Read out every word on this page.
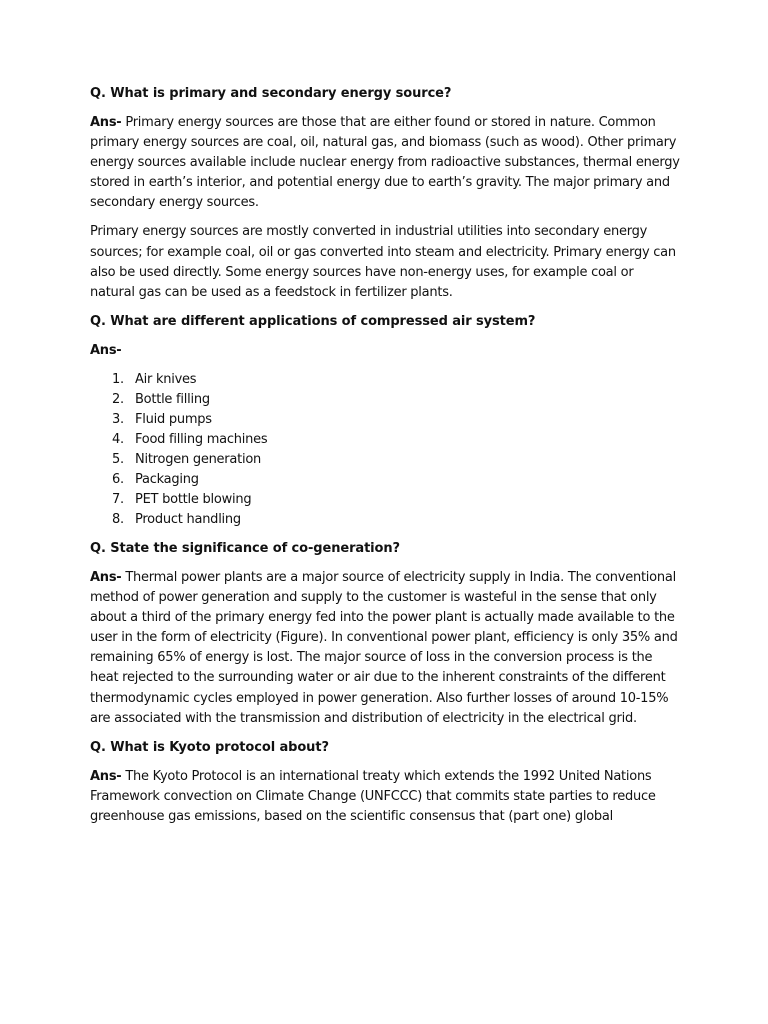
Q. What is primary and secondary energy source?

Ans- Primary energy sources are those that are either found or stored in nature. Common primary energy sources are coal, oil, natural gas, and biomass (such as wood). Other primary energy sources available include nuclear energy from radioactive substances, thermal energy stored in earth’s interior, and potential energy due to earth’s gravity. The major primary and secondary energy sources.

Primary energy sources are mostly converted in industrial utilities into secondary energy sources; for example coal, oil or gas converted into steam and electricity. Primary energy can also be used directly. Some energy sources have non-energy uses, for example coal or natural gas can be used as a feedstock in fertilizer plants.

Q. What are different applications of compressed air system?

Ans-

1. Air knives
2. Bottle filling
3. Fluid pumps
4. Food filling machines
5. Nitrogen generation
6. Packaging
7. PET bottle blowing
8. Product handling

Q. State the significance of co-generation?

Ans- Thermal power plants are a major source of electricity supply in India. The conventional method of power generation and supply to the customer is wasteful in the sense that only about a third of the primary energy fed into the power plant is actually made available to the user in the form of electricity (Figure). In conventional power plant, efficiency is only 35% and remaining 65% of energy is lost. The major source of loss in the conversion process is the heat rejected to the surrounding water or air due to the inherent constraints of the different thermodynamic cycles employed in power generation. Also further losses of around 10-15% are associated with the transmission and distribution of electricity in the electrical grid.

Q. What is Kyoto protocol about?

Ans- The Kyoto Protocol is an international treaty which extends the 1992 United Nations Framework convection on Climate Change (UNFCCC) that commits state parties to reduce greenhouse gas emissions, based on the scientific consensus that (part one) global
